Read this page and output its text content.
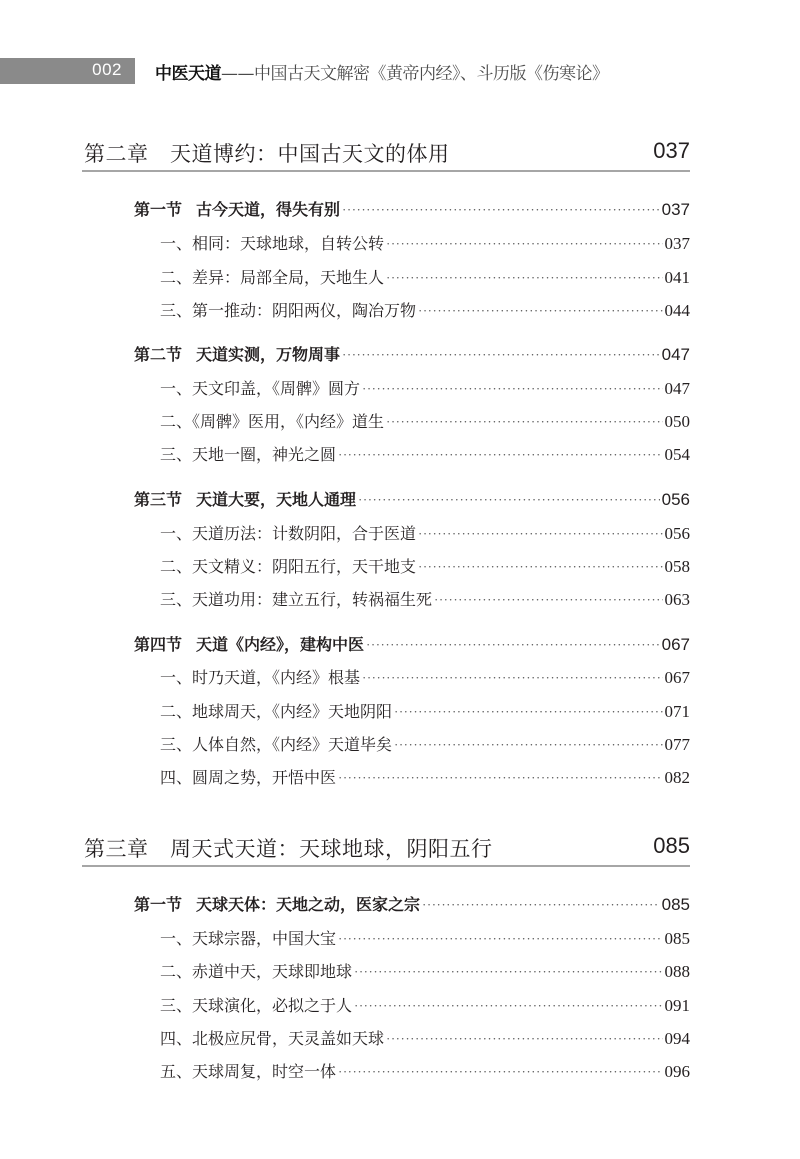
002 中医天道——中国古天文解密《黄帝内经》、斗历版《伤寒论》
第二章　天道博约：中国古天文的体用	037
第一节 古今天道，得失有别 ·····	037
一、相同：天球地球，自转公转 ·····	037
二、差异：局部全局，天地生人 ·····	041
三、第一推动：阴阳两仪，陶冶万物 ·····	044
第二节 天道实测，万物周事 ·····	047
一、天文印盖，《周髀》圆方 ·····	047
二、《周髀》医用，《内经》道生 ·····	050
三、天地一圈，神光之圆 ·····	054
第三节 天道大要，天地人通理 ·····	056
一、天道历法：计数阴阳，合于医道 ·····	056
二、天文精义：阴阳五行，天干地支 ·····	058
三、天道功用：建立五行，转祸福生死 ·····	063
第四节 天道《内经》，建构中医 ·····	067
一、时乃天道，《内经》根基 ·····	067
二、地球周天，《内经》天地阴阳 ·····	071
三、人体自然，《内经》天道毕矣 ·····	077
四、圆周之势，开悟中医 ·····	082
第三章　周天式天道：天球地球，阴阳五行	085
第一节 天球天体：天地之动，医家之宗 ·····	085
一、天球宗器，中国大宝 ·····	085
二、赤道中天，天球即地球 ·····	088
三、天球演化，必拟之于人 ·····	091
四、北极应尻骨，天灵盖如天球 ·····	094
五、天球周复，时空一体 ·····	096
